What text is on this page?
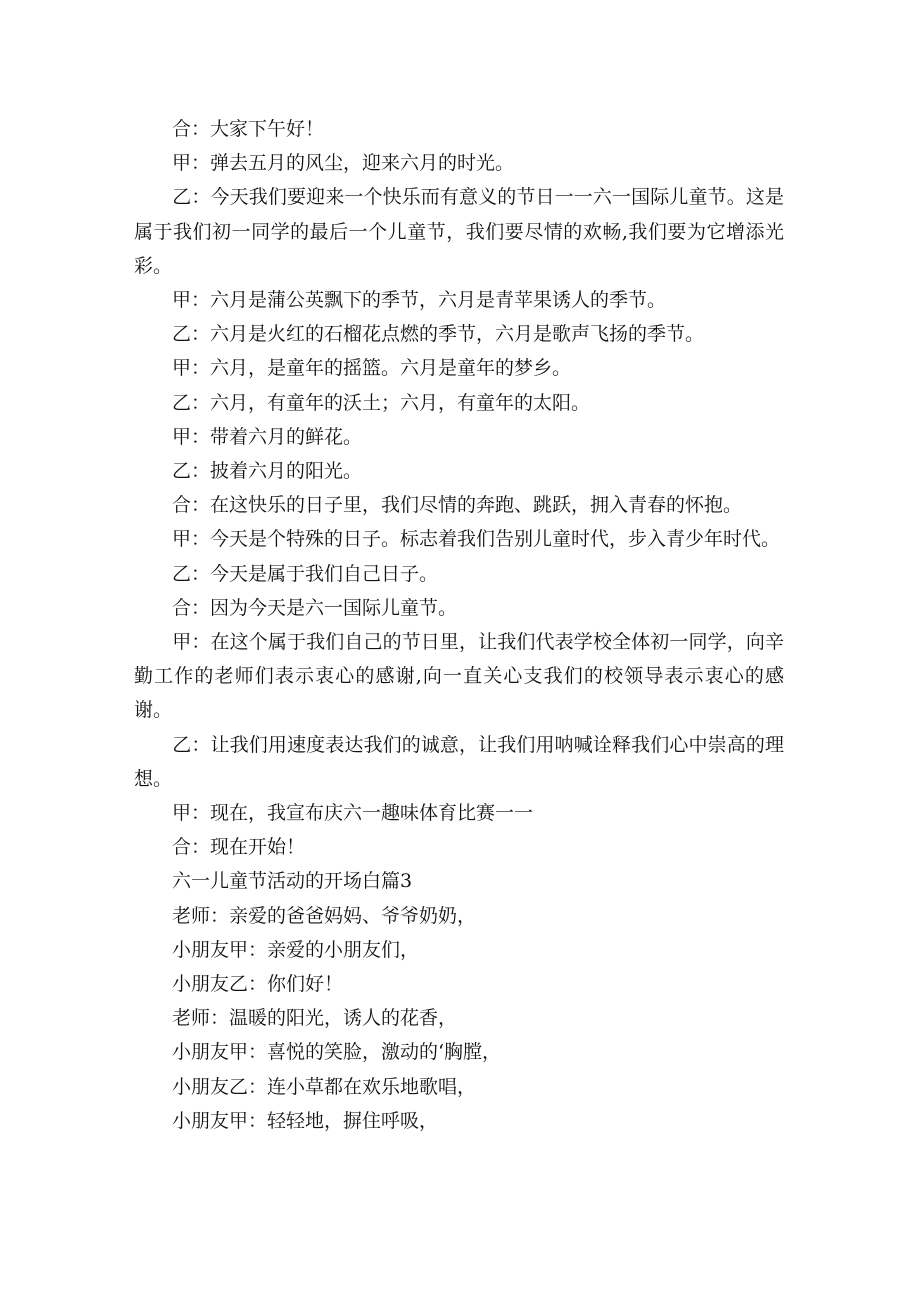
　　合：大家下午好！

　　甲：弹去五月的风尘，迎来六月的时光。

　　乙：今天我们要迎来一个快乐而有意义的节日一一六一国际儿童节。这是属于我们初一同学的最后一个儿童节，我们要尽情的欢畅,我们要为它增添光彩。

　　甲：六月是蒲公英飘下的季节，六月是青苹果诱人的季节。

　　乙：六月是火红的石榴花点燃的季节，六月是歌声飞扬的季节。

　　甲：六月，是童年的摇篮。六月是童年的梦乡。

　　乙：六月，有童年的沃土；六月，有童年的太阳。

　　甲：带着六月的鲜花。

　　乙：披着六月的阳光。

　　合：在这快乐的日子里，我们尽情的奔跑、跳跃，拥入青春的怀抱。

　　甲：今天是个特殊的日子。标志着我们告别儿童时代，步入青少年时代。

　　乙：今天是属于我们自己日子。

　　合：因为今天是六一国际儿童节。

　　甲：在这个属于我们自己的节日里，让我们代表学校全体初一同学，向辛勤工作的老师们表示衷心的感谢,向一直关心支我们的校领导表示衷心的感谢。

　　乙：让我们用速度表达我们的诚意，让我们用呐喊诠释我们心中崇高的理想。

　　甲：现在，我宣布庆六一趣味体育比赛一一

　　合：现在开始！

　　六一儿童节活动的开场白篇3

　　老师：亲爱的爸爸妈妈、爷爷奶奶，

　　小朋友甲：亲爱的小朋友们，

　　小朋友乙：你们好！

　　老师：温暖的阳光，诱人的花香，

　　小朋友甲：喜悦的笑脸，激动的‘胸膛，

　　小朋友乙：连小草都在欢乐地歌唱，

　　小朋友甲：轻轻地，摒住呼吸，
